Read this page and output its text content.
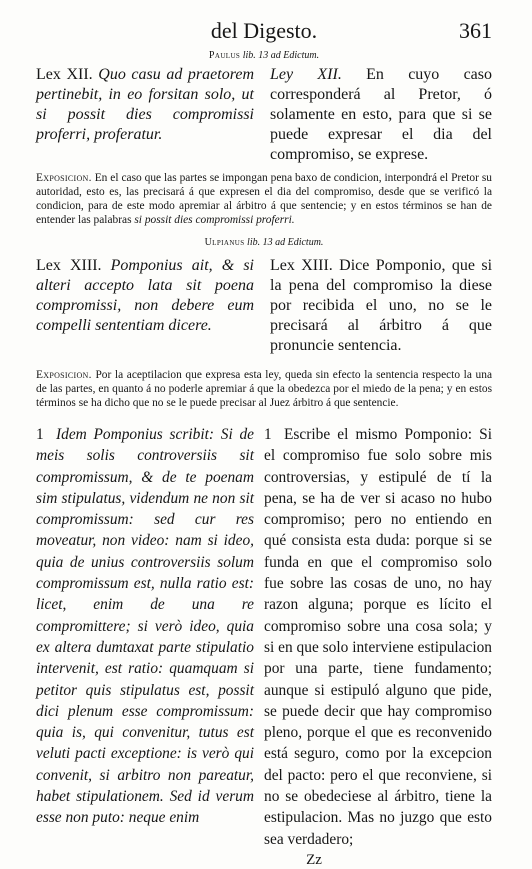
del Digesto.	361
Paulus lib. 13 ad Edictum.
Lex XII. Quo casu ad praetorem pertinebit, in eo forsitan solo, ut si possit dies compromissi proferri, proferatur.
Ley XII. En cuyo caso corresponderá al Pretor, ó solamente en esto, para que si se puede expresar el dia del compromiso, se exprese.
Exposicion. En el caso que las partes se impongan pena baxo de condicion, interpondrá el Pretor su autoridad, esto es, las precisará á que expresen el dia del compromiso, desde que se verificó la condicion, para de este modo apremiar al árbitro á que sentencie; y en estos términos se han de entender las palabras si possit dies compromissi proferri.
Ulpianus lib. 13 ad Edictum.
Lex XIII. Pomponius ait, & si alteri accepto lata sit poena compromissi, non debere eum compelli sententiam dicere.
Lex XIII. Dice Pomponio, que si la pena del compromiso la diese por recibida el uno, no se le precisará al árbitro á que pronuncie sentencia.
Exposicion. Por la aceptilacion que expresa esta ley, queda sin efecto la sentencia respecto la una de las partes, en quanto á no poderle apremiar á que la obedezca por el miedo de la pena; y en estos términos se ha dicho que no se le puede precisar al Juez árbitro á que sentencie.
1 Idem Pomponius scribit: Si de meis solis controversiis sit compromissum, & de te poenam sim stipulatus, videndum ne non sit compromissum: sed cur res moveatur, non video: nam si ideo, quia de unius controversiis solum compromissum est, nulla ratio est: licet, enim de una re compromittere; si verò ideo, quia ex altera dumtaxat parte stipulatio intervenit, est ratio: quamquam si petitor quis stipulatus est, possit dici plenum esse compromissum: quia is, qui convenitur, tutus est veluti pacti exceptione: is verò qui convenit, si arbitro non pareatur, habet stipulationem. Sed id verum esse non puto: neque enim
1 Escribe el mismo Pomponio: Si el compromiso fue solo sobre mis controversias, y estipulé de tí la pena, se ha de ver si acaso no hubo compromiso; pero no entiendo en qué consista esta duda: porque si se funda en que el compromiso solo fue sobre las cosas de uno, no hay razon alguna; porque es lícito el compromiso sobre una cosa sola; y si en que solo interviene estipulacion por una parte, tiene fundamento; aunque si estipuló alguno que pide, se puede decir que hay compromiso pleno, porque el que es reconvenido está seguro, como por la excepcion del pacto: pero el que reconviene, si no se obedeciese al árbitro, tiene la estipulacion. Mas no juzgo que esto sea verdadero;
Zz
